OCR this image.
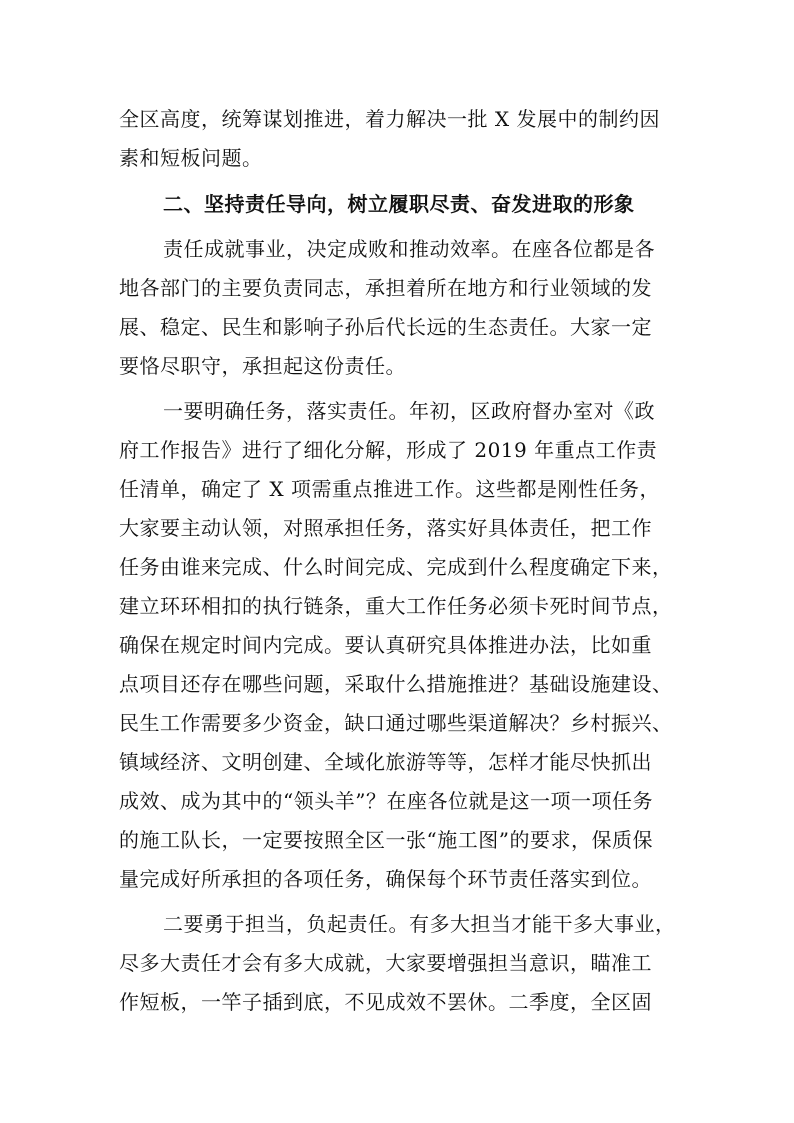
全区高度，统筹谋划推进，着力解决一批 X 发展中的制约因
素和短板问题。
二、坚持责任导向，树立履职尽责、奋发进取的形象
责任成就事业，决定成败和推动效率。在座各位都是各
地各部门的主要负责同志，承担着所在地方和行业领域的发
展、稳定、民生和影响子孙后代长远的生态责任。大家一定
要恪尽职守，承担起这份责任。
一要明确任务，落实责任。年初，区政府督办室对《政
府工作报告》进行了细化分解，形成了 2019 年重点工作责
任清单，确定了 X 项需重点推进工作。这些都是刚性任务，
大家要主动认领，对照承担任务，落实好具体责任，把工作
任务由谁来完成、什么时间完成、完成到什么程度确定下来，
建立环环相扣的执行链条，重大工作任务必须卡死时间节点，
确保在规定时间内完成。要认真研究具体推进办法，比如重
点项目还存在哪些问题，采取什么措施推进？基础设施建设、
民生工作需要多少资金，缺口通过哪些渠道解决？乡村振兴、
镇域经济、文明创建、全域化旅游等等，怎样才能尽快抓出
成效、成为其中的“领头羊”？在座各位就是这一项一项任务
的施工队长，一定要按照全区一张“施工图”的要求，保质保
量完成好所承担的各项任务，确保每个环节责任落实到位。
二要勇于担当，负起责任。有多大担当才能干多大事业，
尽多大责任才会有多大成就，大家要增强担当意识，瞄准工
作短板，一竿子插到底，不见成效不罢休。二季度，全区固
